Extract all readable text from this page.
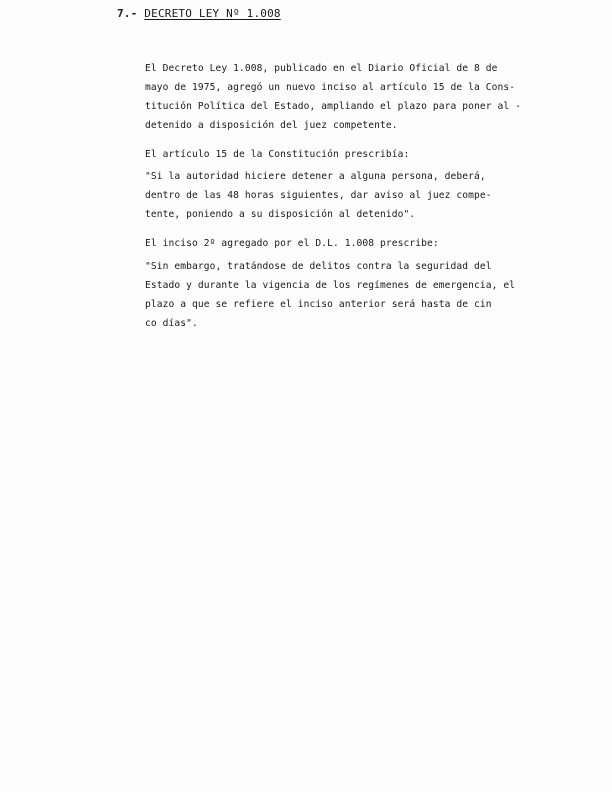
7.- DECRETO LEY Nº 1.008
El Decreto Ley 1.008, publicado en el Diario Oficial de 8 de
mayo de 1975, agregó un nuevo inciso al artículo 15 de la Cons-
titución Política del Estado, ampliando el plazo para poner al -
detenido a disposición del juez competente.
El artículo 15 de la Constitución prescribía:
"Si la autoridad hiciere detener a alguna persona, deberá,
dentro de las 48 horas siguientes, dar aviso al juez compe-
tente, poniendo a su disposición al detenido".
El inciso 2º agregado por el D.L. 1.008 prescribe:
"Sin embargo, tratándose de delitos contra la seguridad del
Estado y durante la vigencia de los regímenes de emergencia, el
plazo a que se refiere el inciso anterior será hasta de cin
co días".
